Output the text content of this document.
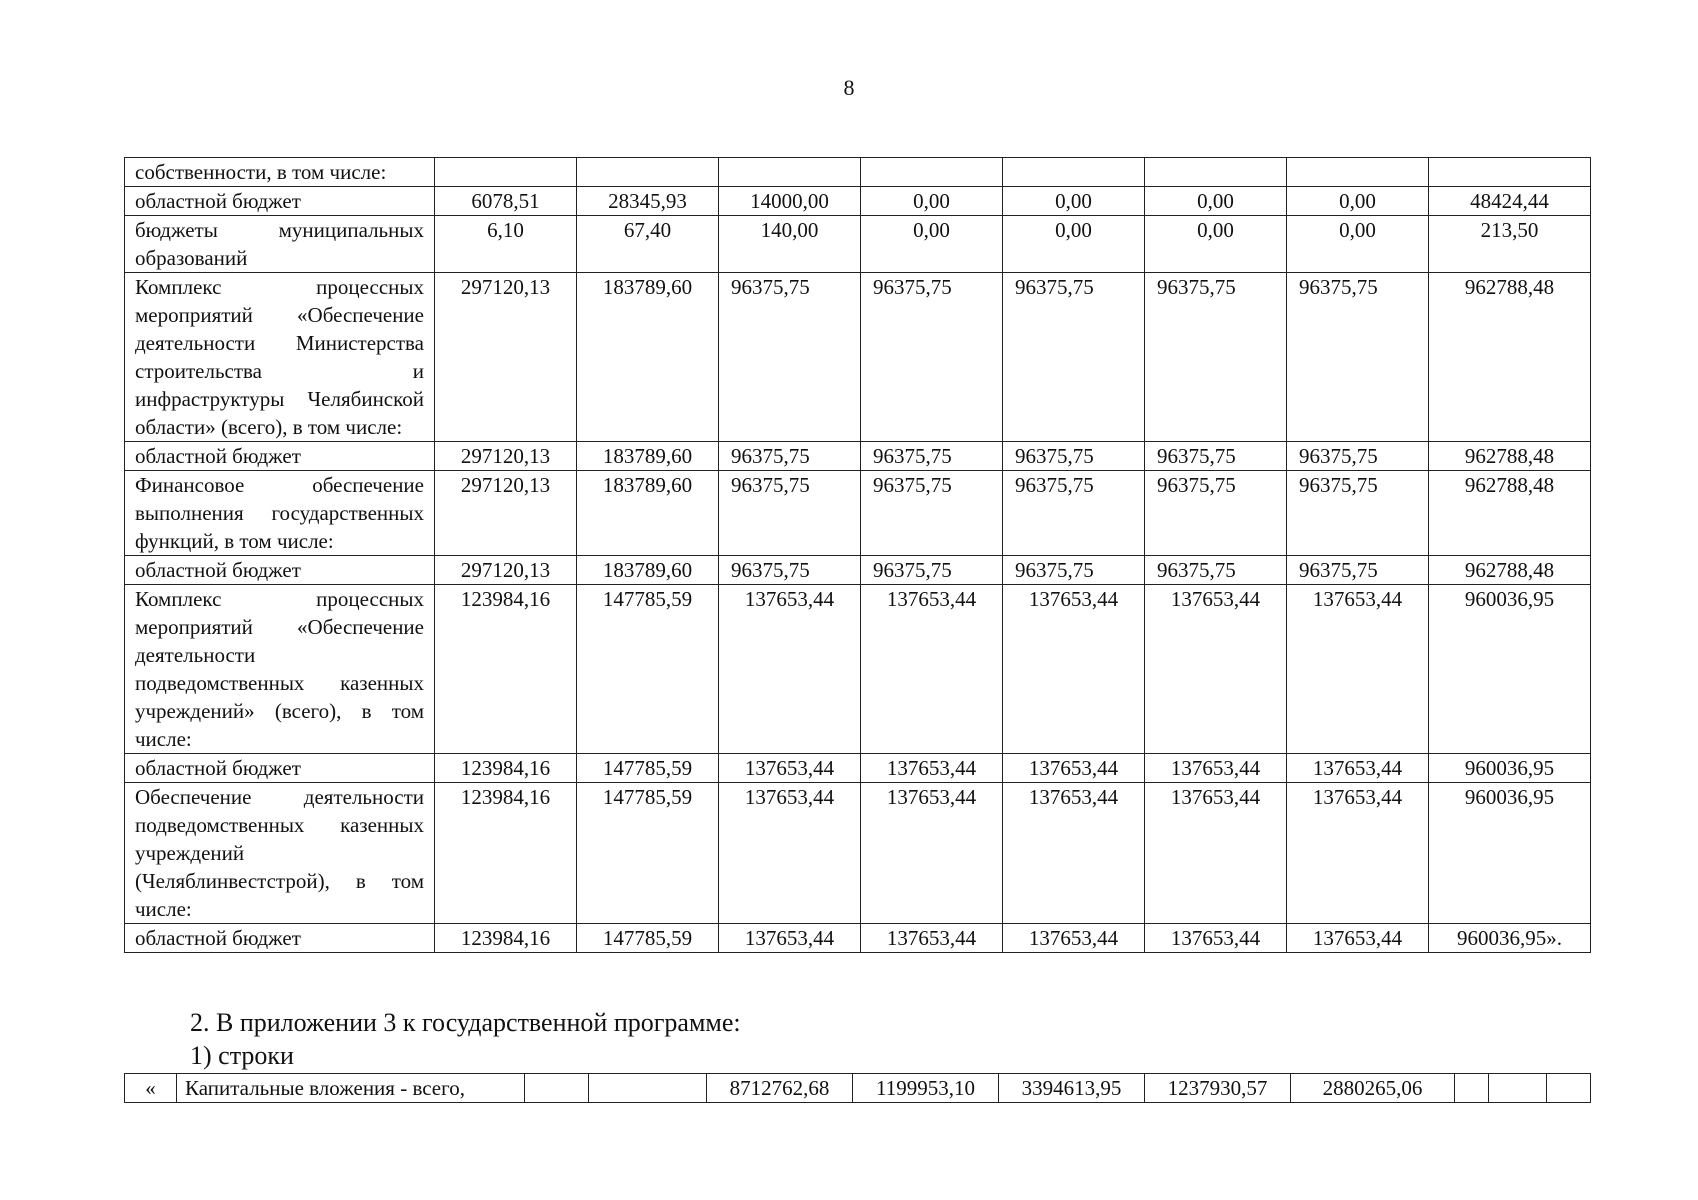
8
собственности, в том числе:								
областной бюджет	6078,51	28345,93	14000,00	0,00	0,00	0,00	0,00	48424,44
бюджеты муниципальных образований	6,10	67,40	140,00	0,00	0,00	0,00	0,00	213,50
Комплекс процессных мероприятий «Обеспечение деятельности Министерства строительства и инфраструктуры Челябинской области» (всего), в том числе:	297120,13	183789,60	96375,75	96375,75	96375,75	96375,75	96375,75	962788,48
областной бюджет	297120,13	183789,60	96375,75	96375,75	96375,75	96375,75	96375,75	962788,48
Финансовое обеспечение выполнения государственных функций, в том числе:	297120,13	183789,60	96375,75	96375,75	96375,75	96375,75	96375,75	962788,48
областной бюджет	297120,13	183789,60	96375,75	96375,75	96375,75	96375,75	96375,75	962788,48
Комплекс процессных мероприятий «Обеспечение деятельности подведомственных казенных учреждений» (всего), в том числе:	123984,16	147785,59	137653,44	137653,44	137653,44	137653,44	137653,44	960036,95
областной бюджет	123984,16	147785,59	137653,44	137653,44	137653,44	137653,44	137653,44	960036,95
Обеспечение деятельности подведомственных казенных учреждений (Челяблинвестстрой), в том числе:	123984,16	147785,59	137653,44	137653,44	137653,44	137653,44	137653,44	960036,95
областной бюджет	123984,16	147785,59	137653,44	137653,44	137653,44	137653,44	137653,44	960036,95».
2. В приложении 3 к государственной программе:
1) строки
«	Капитальные вложения - всего,			8712762,68	1199953,10	3394613,95	1237930,57	2880265,06			
